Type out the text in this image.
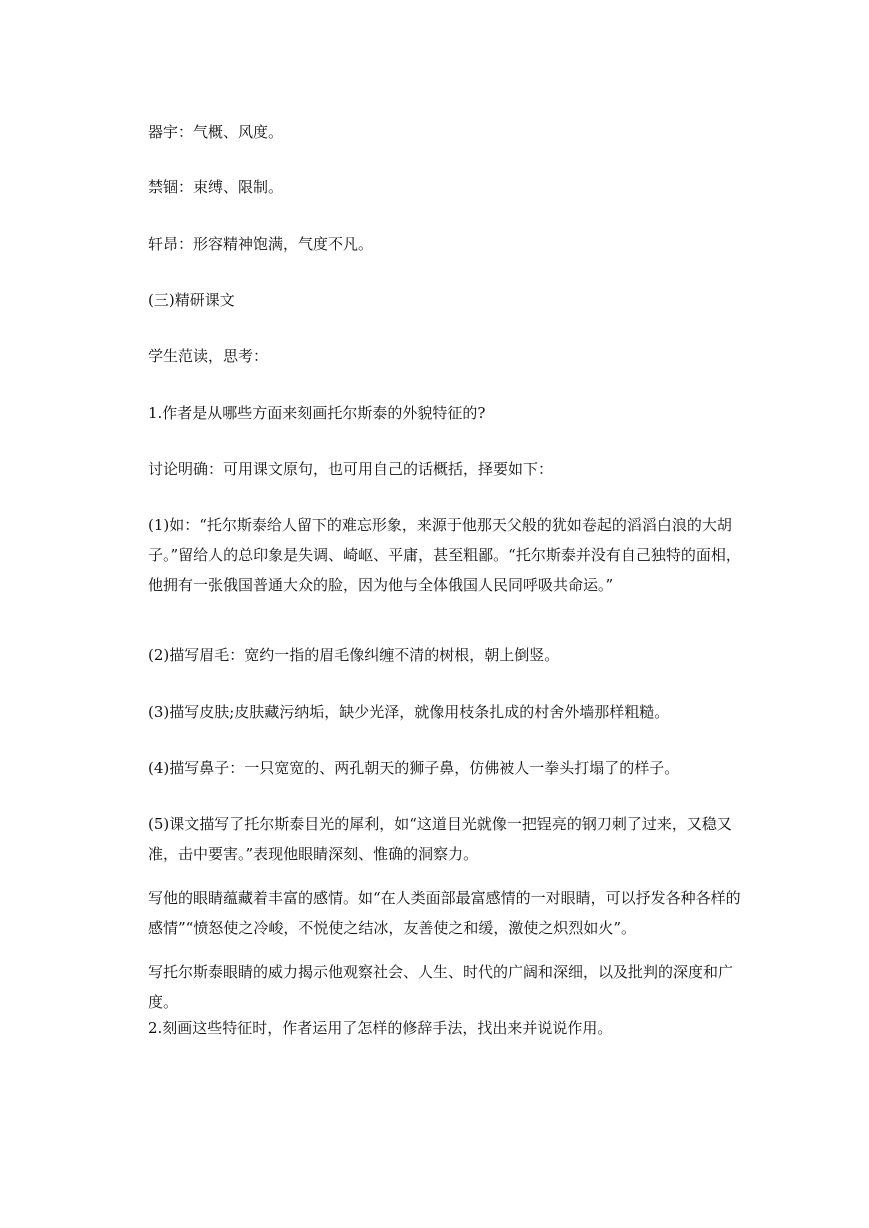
器宇：气概、风度。

禁锢：束缚、限制。

轩昂：形容精神饱满，气度不凡。

(三)精研课文

学生范读，思考：

1.作者是从哪些方面来刻画托尔斯泰的外貌特征的?

讨论明确：可用课文原句，也可用自己的话概括，择要如下：

(1)如：“托尔斯泰给人留下的难忘形象，来源于他那天父般的犹如卷起的滔滔白浪的大胡子。”留给人的总印象是失调、崎岖、平庸，甚至粗鄙。“托尔斯泰并没有自己独特的面相，他拥有一张俄国普通大众的脸，因为他与全体俄国人民同呼吸共命运。”

(2)描写眉毛：宽约一指的眉毛像纠缠不清的树根，朝上倒竖。

(3)描写皮肤;皮肤藏污纳垢，缺少光泽，就像用枝条扎成的村舍外墙那样粗糙。

(4)描写鼻子：一只宽宽的、两孔朝天的狮子鼻，仿佛被人一拳头打塌了的样子。

(5)课文描写了托尔斯泰目光的犀利，如“这道目光就像一把锃亮的钢刀刺了过来，又稳又准，击中要害。”表现他眼睛深刻、惟确的洞察力。

写他的眼睛蕴藏着丰富的感情。如“在人类面部最富感情的一对眼睛，可以抒发各种各样的感情”“愤怒使之冷峻，不悦使之结冰，友善使之和缓，激使之炽烈如火”。

写托尔斯泰眼睛的威力揭示他观察社会、人生、时代的广阔和深细，以及批判的深度和广度。

2.刻画这些特征时，作者运用了怎样的修辞手法，找出来并说说作用。
